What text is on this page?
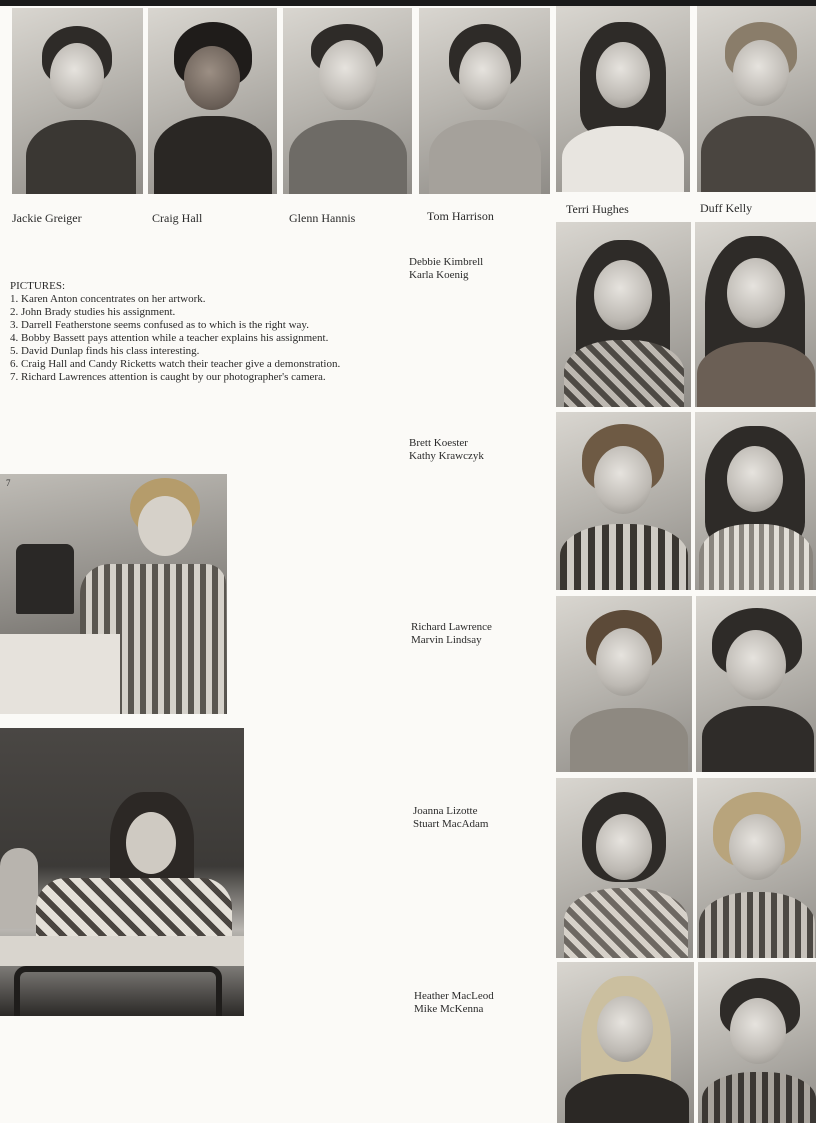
Jackie Greiger	Craig Hall	Glenn Hannis	Tom Harrison	Terri Hughes	Duff Kelly
PICTURES:
1. Karen Anton concentrates on her artwork.
2. John Brady studies his assignment.
3. Darrell Featherstone seems confused as to which is the right way.
4. Bobby Bassett pays attention while a teacher explains his assignment.
5. David Dunlap finds his class interesting.
6. Craig Hall and Candy Ricketts watch their teacher give a demonstration.
7. Richard Lawrences attention is caught by our photographer's camera.
7
Debbie Kimbrell
Karla Koenig
Brett Koester
Kathy Krawczyk
Richard Lawrence
Marvin Lindsay
Joanna Lizotte
Stuart MacAdam
Heather MacLeod
Mike McKenna
